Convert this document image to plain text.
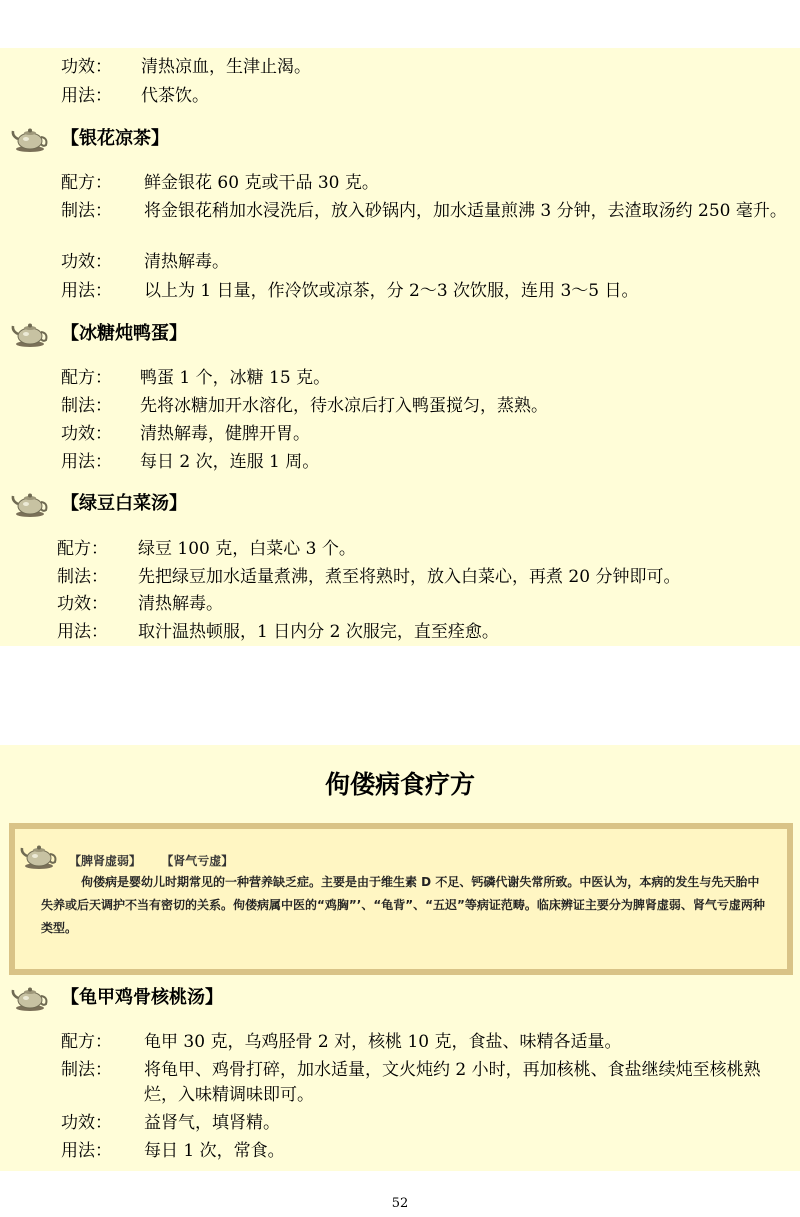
功效： 清热凉血，生津止渴。
用法： 代茶饮。
【银花凉茶】
配方： 鲜金银花 60 克或干品 30 克。
制法： 将金银花稍加水浸洗后，放入砂锅内，加水适量煎沸 3 分钟，去渣取汤约 250 毫升。
功效： 清热解毒。
用法： 以上为 1 日量，作冷饮或凉茶，分 2～3 次饮服，连用 3～5 日。
【冰糖炖鸭蛋】
配方： 鸭蛋 1 个，冰糖 15 克。
制法： 先将冰糖加开水溶化，待水凉后打入鸭蛋搅匀，蒸熟。
功效： 清热解毒，健脾开胃。
用法： 每日 2 次，连服 1 周。
【绿豆白菜汤】
配方： 绿豆 100 克，白菜心 3 个。
制法： 先把绿豆加水适量煮沸，煮至将熟时，放入白菜心，再煮 20 分钟即可。
功效： 清热解毒。
用法： 取汁温热顿服，1 日内分 2 次服完，直至痊愈。
佝偻病食疗方
【脾肾虚弱】 【肾气亏虚】
佝偻病是婴幼儿时期常见的一种营养缺乏症。主要是由于维生素 D 不足、钙磷代谢失常所致。中医认为，本病的发生与先天胎中失养或后天调护不当有密切的关系。佝偻病属中医的“鸡胸”’、“龟背”、“五迟”等病证范畴。临床辨证主要分为脾肾虚弱、肾气亏虚两种类型。
【龟甲鸡骨核桃汤】
配方： 龟甲 30 克，乌鸡胫骨 2 对，核桃 10 克，食盐、味精各适量。
制法： 将龟甲、鸡骨打碎，加水适量，文火炖约 2 小时，再加核桃、食盐继续炖至核桃熟烂，入味精调味即可。
功效： 益肾气，填肾精。
用法： 每日 1 次，常食。
52
